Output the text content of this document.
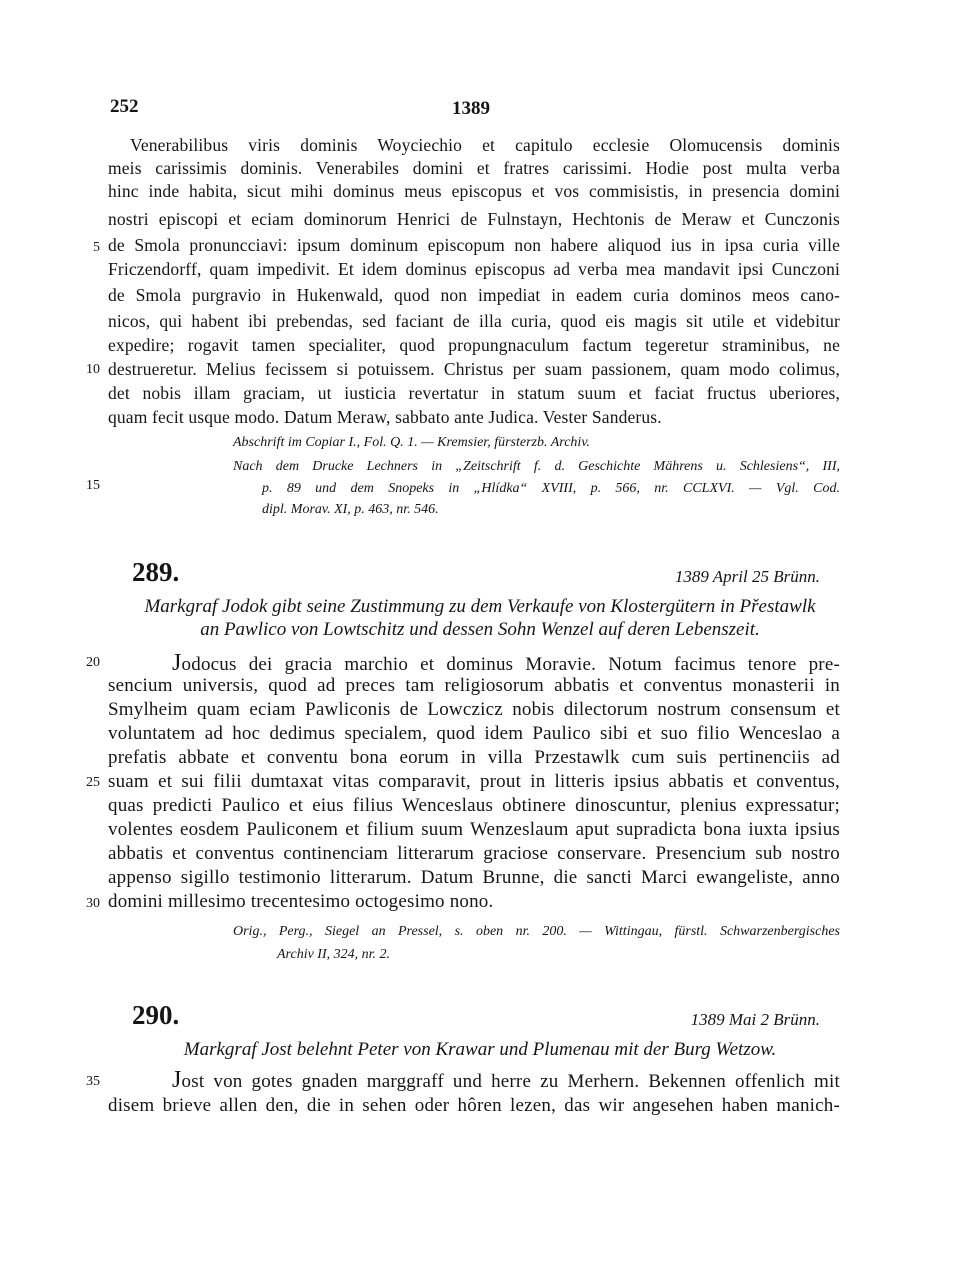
252	1389
Venerabilibus viris dominis Woyciechio et capitulo ecclesie Olomucensis dominis
meis carissimis dominis. Venerabiles domini et fratres carissimi. Hodie post multa verba
hinc inde habita, sicut mihi dominus meus episcopus et vos commisistis, in presencia domini
nostri episcopi et eciam dominorum Henrici de Fulnstayn, Hechtonis de Meraw et Cunczonis
de Smola pronuncciavi: ipsum dominum episcopum non habere aliquod ius in ipsa curia ville
Friczendorff, quam impedivit. Et idem dominus episcopus ad verba mea mandavit ipsi Cunczoni
de Smola purgravio in Hukenwald, quod non impediat in eadem curia dominos meos cano-
nicos, qui habent ibi prebendas, sed faciant de illa curia, quod eis magis sit utile et videbitur
expedire; rogavit tamen specialiter, quod propungnaculum factum tegeretur straminibus, ne
destrueretur. Melius fecissem si potuissem. Christus per suam passionem, quam modo colimus,
det nobis illam graciam, ut iusticia revertatur in statum suum et faciat fructus uberiores,
quam fecit usque modo. Datum Meraw, sabbato ante Judica. Vester Sanderus.
Abschrift im Copiar I., Fol. Q. 1. — Kremsier, fürsterzb. Archiv.
Nach dem Drucke Lechners in „Zeitschrift f. d. Geschichte Mährens u. Schlesiens“, III,
p. 89 und dem Snopeks in „Hlídka“ XVIII, p. 566, nr. CCLXVI. — Vgl. Cod.
dipl. Morav. XI, p. 463, nr. 546.
289.	1389 April 25 Brünn.
Markgraf Jodok gibt seine Zustimmung zu dem Verkaufe von Klostergütern in Přestawlk
an Pawlico von Lowtschitz und dessen Sohn Wenzel auf deren Lebenszeit.
Jodocus dei gracia marchio et dominus Moravie. Notum facimus tenore pre-
sencium universis, quod ad preces tam religiosorum abbatis et conventus monasterii in
Smylheim quam eciam Pawliconis de Lowczicz nobis dilectorum nostrum consensum et
voluntatem ad hoc dedimus specialem, quod idem Paulico sibi et suo filio Wenceslao a
prefatis abbate et conventu bona eorum in villa Przestawlk cum suis pertinenciis ad
suam et sui filii dumtaxat vitas comparavit, prout in litteris ipsius abbatis et conventus,
quas predicti Paulico et eius filius Wenceslaus obtinere dinoscuntur, plenius expressatur;
volentes eosdem Pauliconem et filium suum Wenzeslaum aput supradicta bona iuxta ipsius
abbatis et conventus continenciam litterarum graciose conservare. Presencium sub nostro
appenso sigillo testimonio litterarum. Datum Brunne, die sancti Marci ewangeliste, anno
domini millesimo trecentesimo octogesimo nono.
Orig., Perg., Siegel an Pressel, s. oben nr. 200. — Wittingau, fürstl. Schwarzenbergisches
Archiv II, 324, nr. 2.
290.	1389 Mai 2 Brünn.
Markgraf Jost belehnt Peter von Krawar und Plumenau mit der Burg Wetzow.
Jost von gotes gnaden marggraff und herre zu Merhern. Bekennen offenlich mit
disem brieve allen den, die in sehen oder hôren lezen, das wir angesehen haben manich-
5
10
15
20
25
30
35
